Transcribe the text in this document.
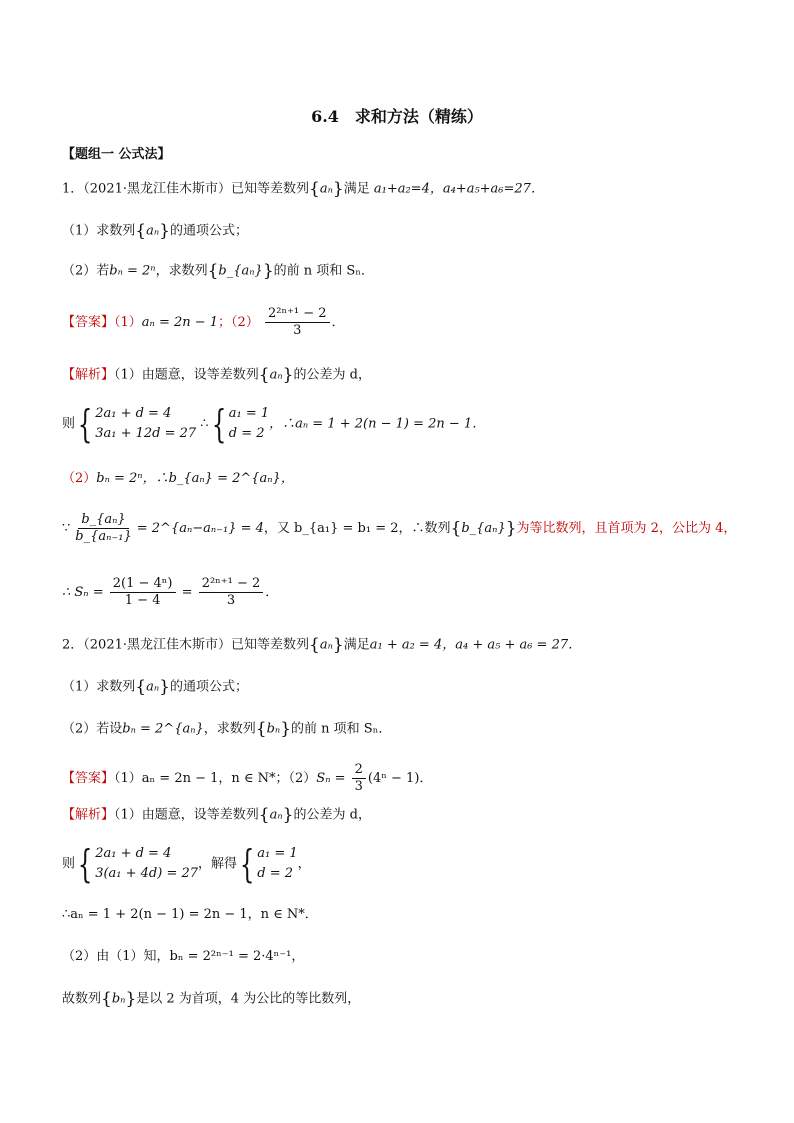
6.4　求和方法（精练）
【题组一 公式法】
1．（2021·黑龙江佳木斯市）已知等差数列{aₙ}满足 a₁+a₂=4，a₄+a₅+a₆=27．
（1）求数列{aₙ}的通项公式；
（2）若bₙ = 2ⁿ，求数列{b_{aₙ}}的前 n 项和 Sₙ．
【答案】（1）aₙ = 2n − 1；$(2) \frac{\text{2²ⁿ⁺¹ − 2}}{3}$ ．
【解析】（1）由题意，设等差数列{aₙ}的公差为 d，
则 { 2a₁ + d = 4
3a₁ + 12d = 27
∴ { a₁ = 1
d = 2
，∴aₙ = 1 + 2(n − 1) = 2n − 1．
（2）bₙ = 2ⁿ，∴b_{aₙ} = 2^{aₙ}，
∵ $\frac{\text{b\_\{aₙ\}}}{\text{b\_\{aₙ₋₁\}}}$ = 2^{aₙ−aₙ₋₁} = 4，又 b_{a₁} = b₁ = 2，∴数列{b_{aₙ}}为等比数列，且首项为 2，公比为 4，
∴ $S_n = \frac{\text{2(1 − 4ⁿ)}}{1 - 4} = \frac{\text{2²ⁿ⁺¹ − 2}}{3}$ ．
2．（2021·黑龙江佳木斯市）已知等差数列{aₙ}满足a₁ + a₂ = 4，a₄ + a₅ + a₆ = 27．
（1）求数列{aₙ}的通项公式；
（2）若设bₙ = 2^{aₙ}，求数列{bₙ}的前 n 项和 Sₙ．
【答案】（1）aₙ = 2n − 1，n ∈ N*；$(2)S_n = \frac{2}{3} (4^n - 1)$．
【解析】（1）由题意，设等差数列{aₙ}的公差为 d，
则 { 2a₁ + d = 4
3(a₁ + 4d) = 27
，解得 { a₁ = 1
d = 2
，
∴aₙ = 1 + 2(n − 1) = 2n − 1，n ∈ N*．
（2）由（1）知，bₙ = 2²ⁿ⁻¹ = 2·4ⁿ⁻¹，
故数列{bₙ}是以 2 为首项，4 为公比的等比数列，
